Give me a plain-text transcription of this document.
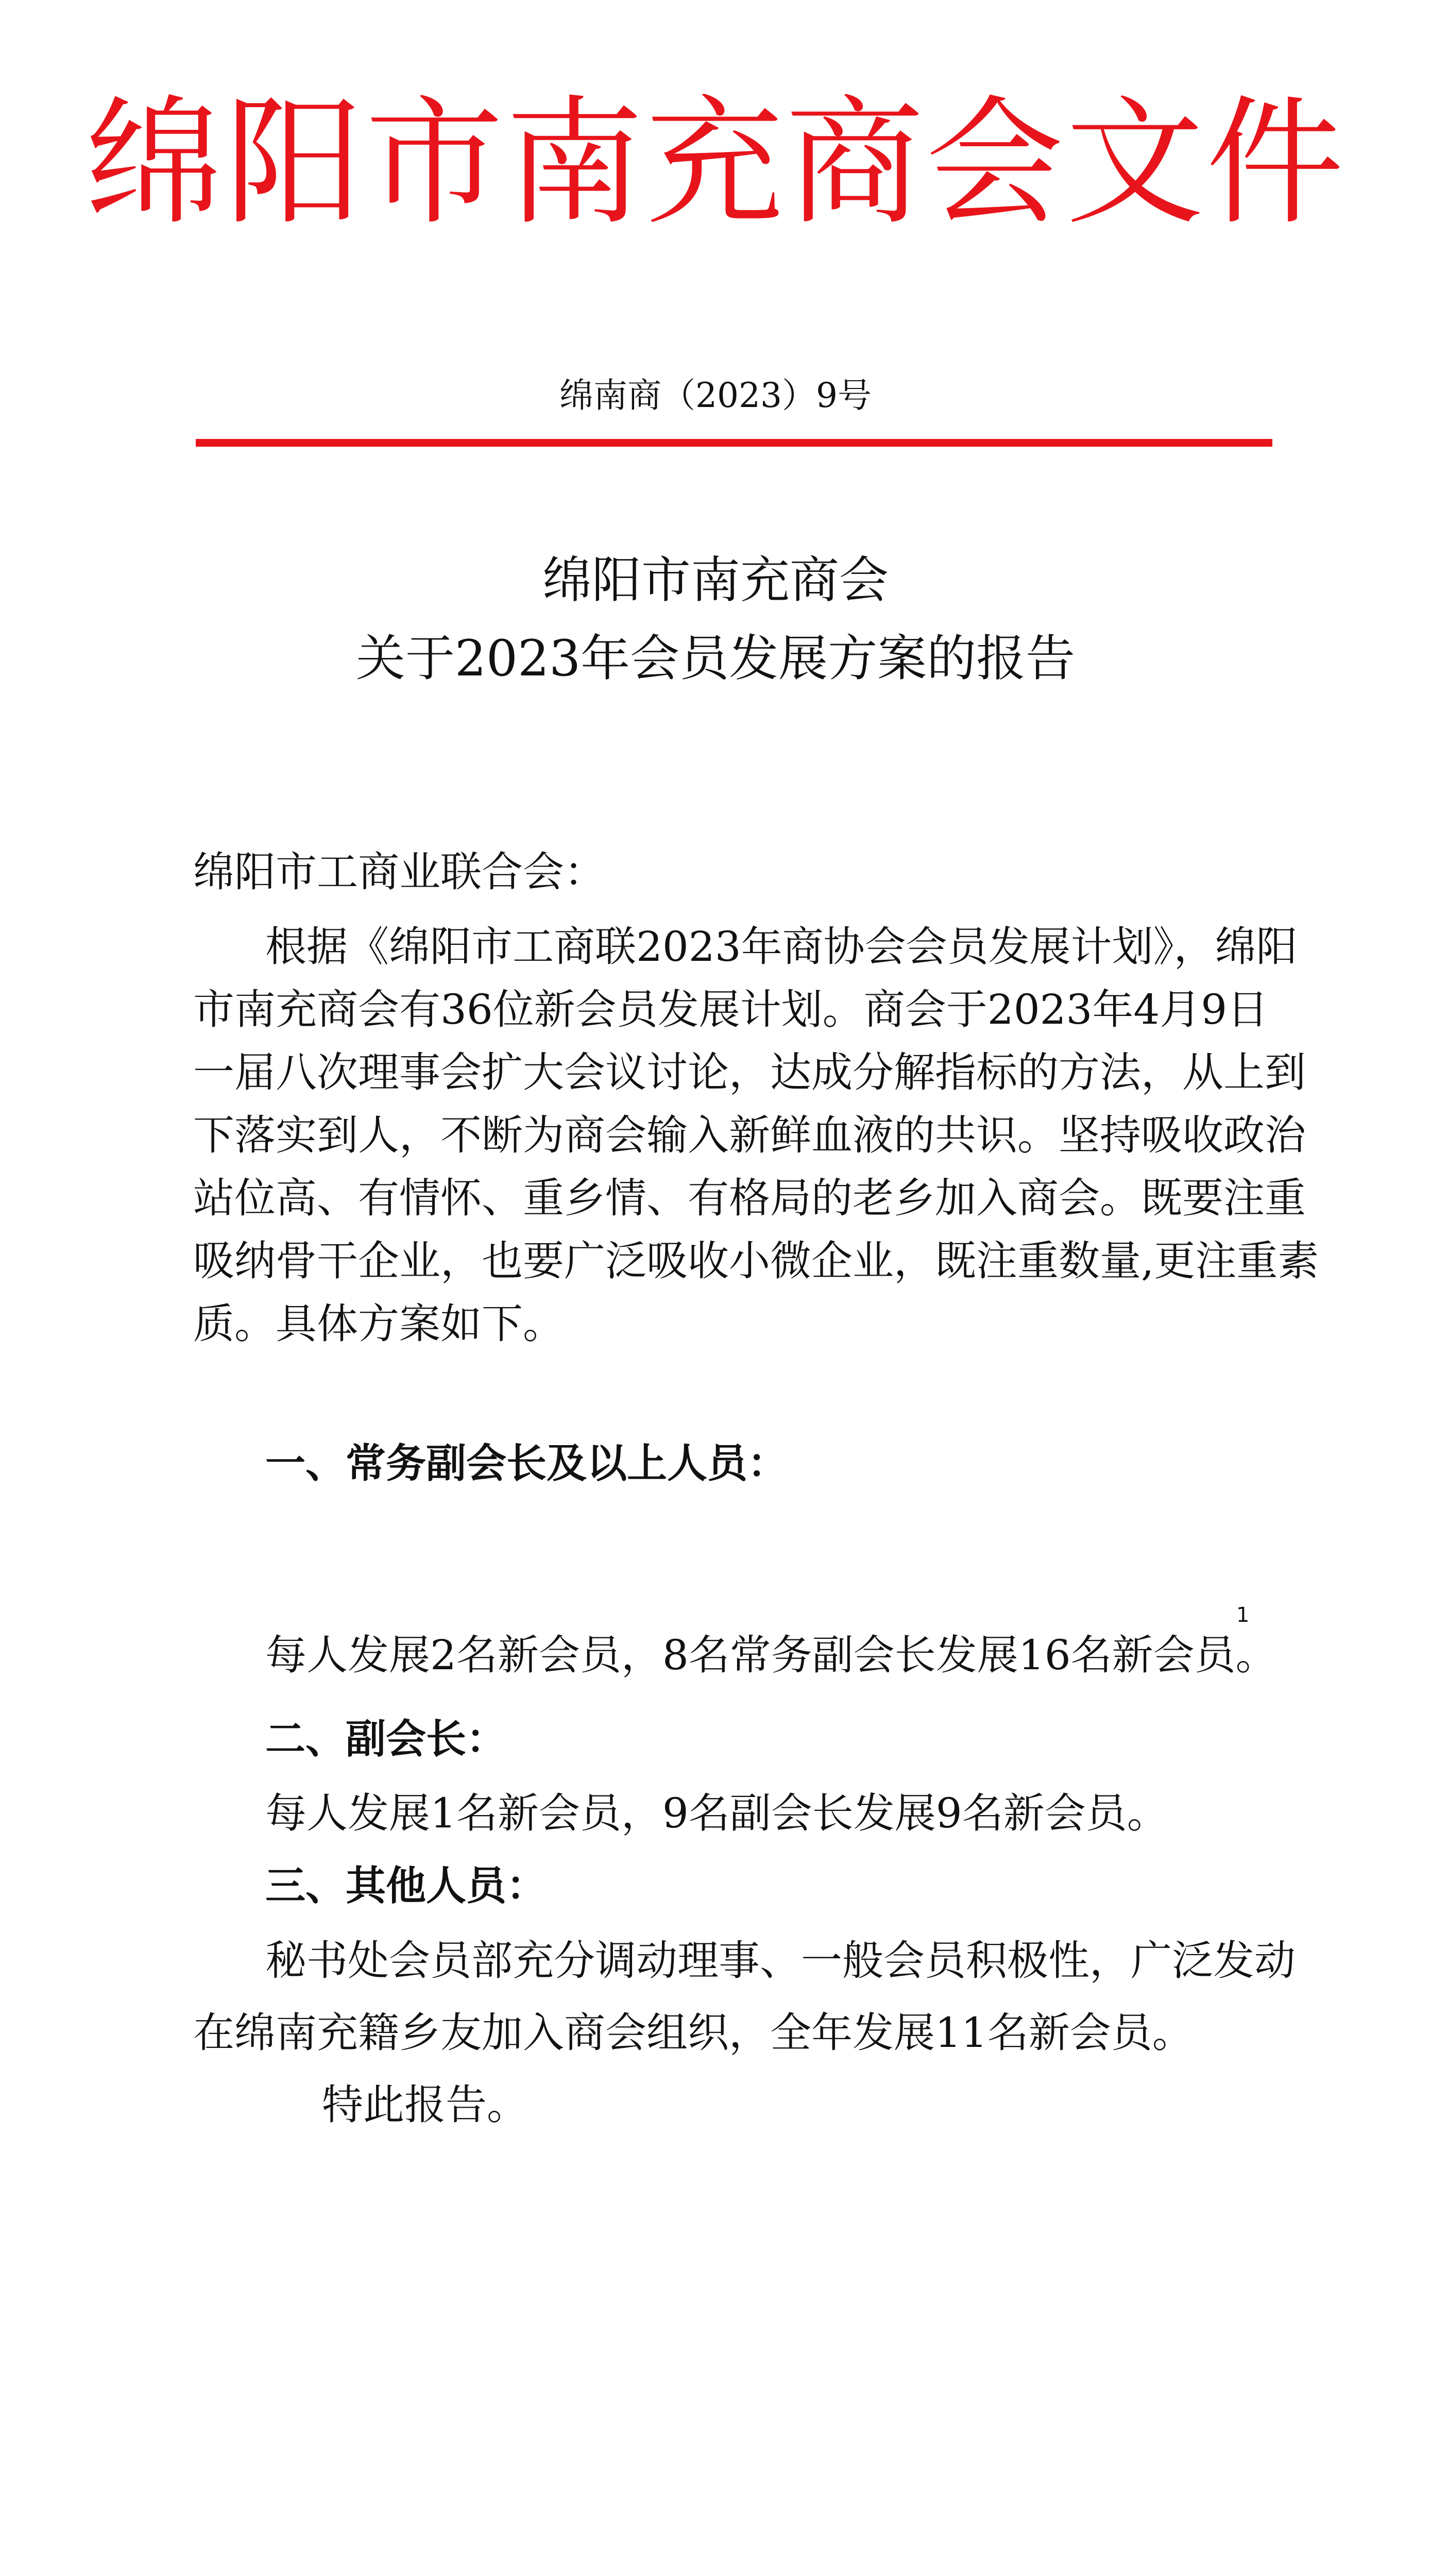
绵阳市南充商会文件
绵南商（2023）9号
绵阳市南充商会
关于2023年会员发展方案的报告
绵阳市工商业联合会：
根据《绵阳市工商联2023年商协会会员发展计划》，绵阳
市南充商会有36位新会员发展计划。商会于2023年4月9日
一届八次理事会扩大会议讨论，达成分解指标的方法，从上到
下落实到人，不断为商会输入新鲜血液的共识。坚持吸收政治
站位高、有情怀、重乡情、有格局的老乡加入商会。既要注重
吸纳骨干企业，也要广泛吸收小微企业，既注重数量,更注重素
质。具体方案如下。
一、常务副会长及以上人员：
1
每人发展2名新会员，8名常务副会长发展16名新会员。
二、副会长：
每人发展1名新会员，9名副会长发展9名新会员。
三、其他人员：
秘书处会员部充分调动理事、一般会员积极性，广泛发动
在绵南充籍乡友加入商会组织，全年发展11名新会员。
特此报告。
